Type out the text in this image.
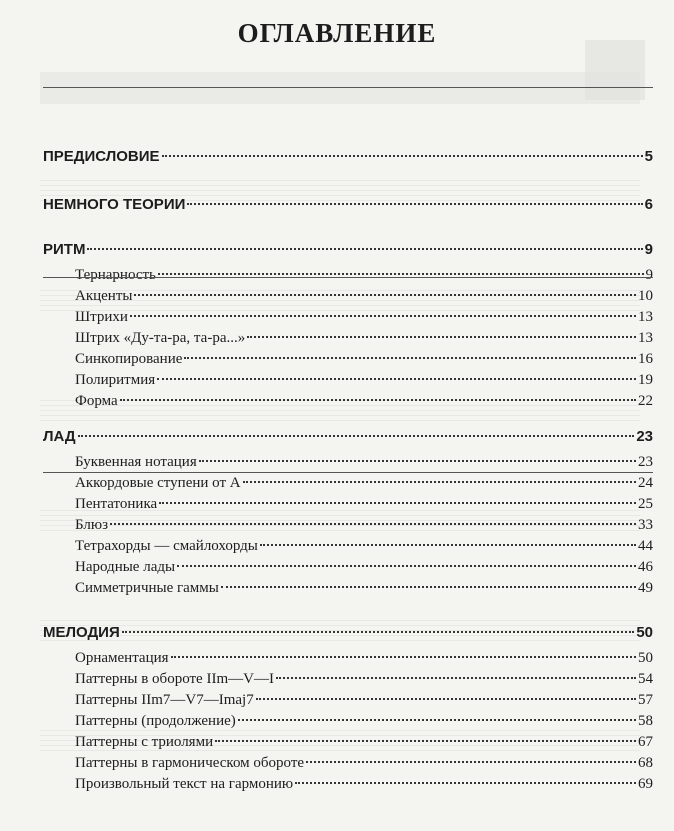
ОГЛАВЛЕНИЕ
ПРЕДИСЛОВИЕ	5
НЕМНОГО ТЕОРИИ	6
РИТМ	9
Тернарность	9
Акценты	10
Штрихи	13
Штрих «Ду-та-ра, та-ра...»	13
Синкопирование	16
Полиритмия	19
Форма	22
ЛАД	23
Буквенная нотация	23
Аккордовые ступени от А	24
Пентатоника	25
Блюз	33
Тетрахорды — смайлохорды	44
Народные лады	46
Симметричные гаммы	49
МЕЛОДИЯ	50
Орнаментация	50
Паттерны в обороте IIm—V—I	54
Паттерны IIm7—V7—Imaj7	57
Паттерны (продолжение)	58
Паттерны с триолями	67
Паттерны в гармоническом обороте	68
Произвольный текст на гармонию	69
